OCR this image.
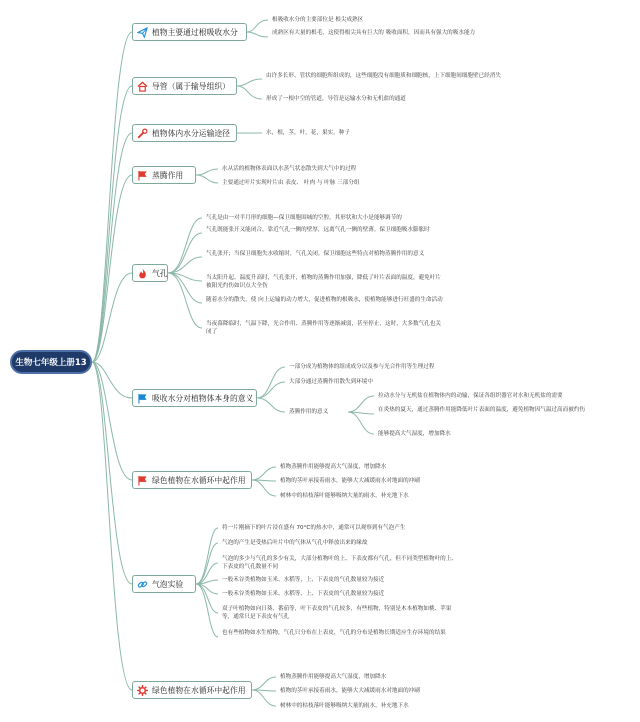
生物七年级上册13
植物主要通过根吸收水分
根吸收水分的主要部位是 根尖成熟区
成熟区有大量的根毛，这使得根尖具有巨大的 吸收面积，因而具有强大的吸水能力
导管（属于输导组织）
由许多长形、管状的细胞所组成的，这些细胞没有细胞质和细胞核，上下细胞间细胞壁已经消失
形成了一根中空的管道，导管是运输水分和无机盐的通道
植物体内水分运输途径	水，根，茎，叶，花，果实，种子
蒸腾作用
水从活的植物体表面以水蒸气状态散失到大气中的过程
主要通过叶片实现叶片由 表皮、 叶肉 与 叶脉 三部分组
气孔
气孔是由一对半月形的细胞—保卫细胞围城的空腔，其形状和大小是能够调节的
气孔既能张开又能闭合，靠近气孔一侧的壁厚，远离气孔一侧的壁薄。保卫细胞吸水膨胀时
气孔张开；当保卫细胞失水收缩时，气孔关闭。保卫细胞这些特点对植物蒸腾作用的意义
当太阳升起、温度升高时，气孔张开，植物的蒸腾作用加强，降低了叶片表面的温度，避免叶片被阳光灼伤如识点大全伤
随着水分的散失，使 向上运输的动力增大，促进植物的根吸水，使植物能够进行旺盛的生命活动
当夜幕降临时，气温下降，光合作用、蒸腾作用等逐渐减弱，甚至停止，这时，大多数气孔也关闭了
吸收水分对植物体本身的意义
一部分成为植物体的组成成分以及参与光合作用等生理过程
大部分通过蒸腾作用散失到环境中
蒸腾作用的意义
拉动水分与无机盐在植物体内的动输，保证各组织器官对水和无机盐的需要
在炎热的夏天，通过蒸腾作用能降低叶片表面的温度，避免植物因气温过高而被灼伤
能够提高大气湿度，增加降水
绿色植物在水循环中起作用
植物蒸腾作用能够提高大气湿度，增加降水
植物的茎叶承接着雨水，能够大大减缓雨水对地面的冲刷
树林中的枯枝落叶能够吸纳大量的雨水，补充地下水
气泡实验
将一片刚摘下的叶片浸在盛有 70°C的热水中，通常可以观察到有气泡产生
气泡的产生是受热后叶片中的气体从气孔中释放出来的缘故
气泡的多少与气孔的多少有关，大部分植物叶的上、下表皮都有气孔，但不同类型植物叶的上、下表皮的气孔数量不同
一般禾谷类植物如玉米、水稻等，上、下表皮的气孔数量较为接近
一般禾谷类植物如玉米、水稻等，上、下表皮的气孔数量较为接近
双子叶植物如向日葵、番茄等，叶下表皮的气孔较多，有些植物，特别是木本植物如桃、苹果等，通常只是下表皮有气孔
也有些植物如水生植物，气孔只分布在上表皮，气孔的分布是植物长期适应生存环境的结果
绿色植物在水循环中起作用
植物蒸腾作用能够提高大气湿度，增加降水
植物的茎叶承接着雨水，能够大大减缓雨水对地面的冲刷
树林中的枯枝落叶能够吸纳大量的雨水，补充地下水
